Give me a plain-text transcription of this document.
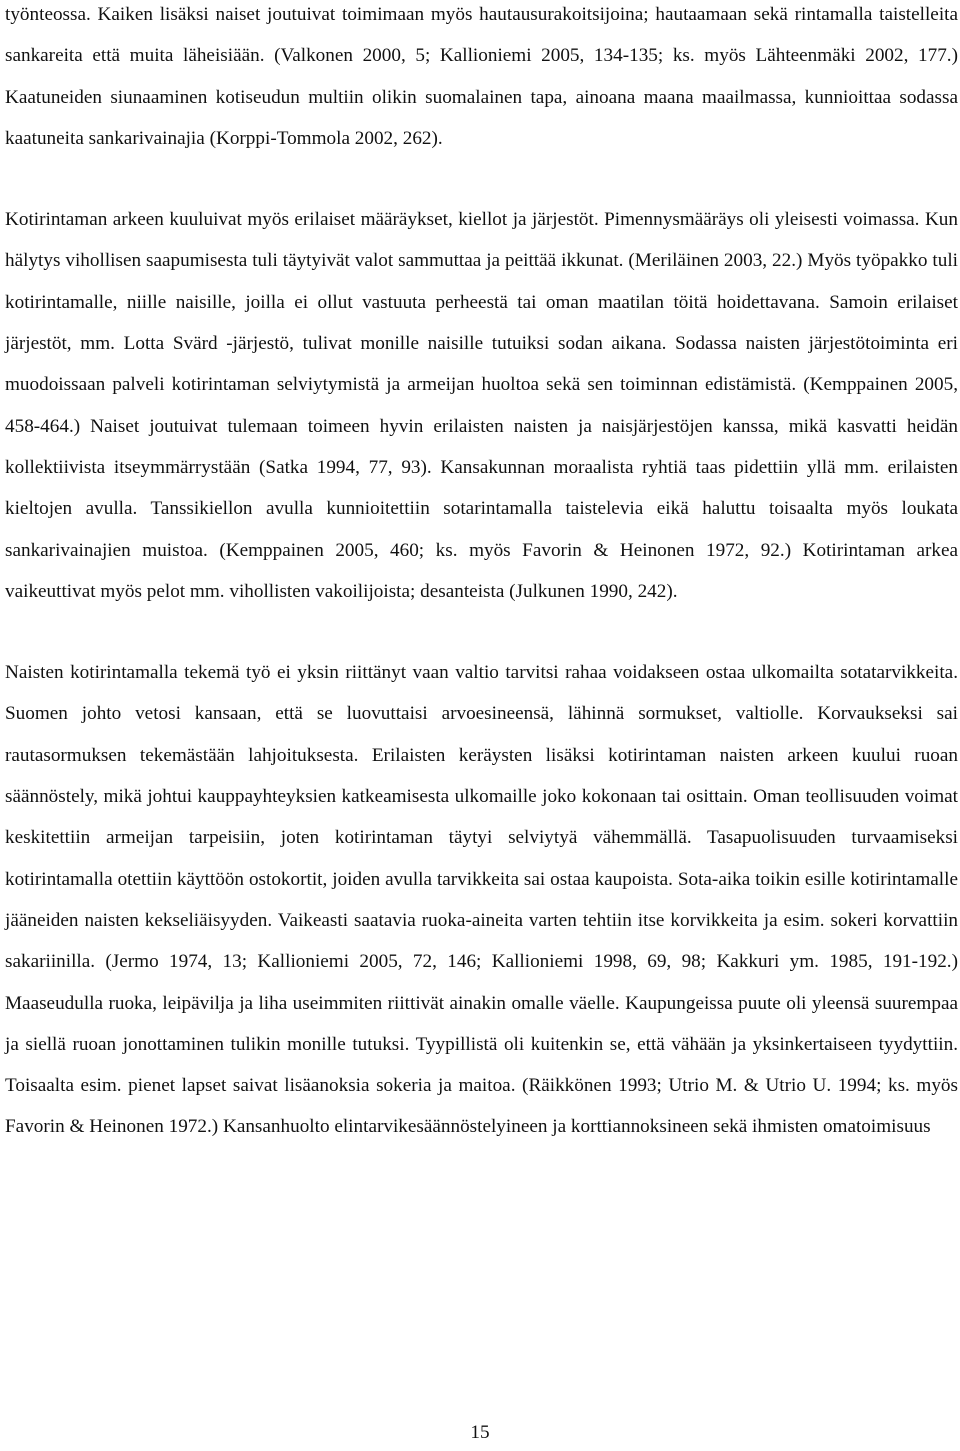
työnteossa. Kaiken lisäksi naiset joutuivat toimimaan myös hautausurakoitsijoina; hautaamaan sekä rintamalla taistelleita sankareita että muita läheisiään. (Valkonen 2000, 5; Kallioniemi 2005, 134-135; ks. myös Lähteenmäki 2002, 177.) Kaatuneiden siunaaminen kotiseudun multiin olikin suomalainen tapa, ainoana maana maailmassa, kunnioittaa sodassa kaatuneita sankarivainajia (Korppi-Tommola 2002, 262).

Kotirintaman arkeen kuuluivat myös erilaiset määräykset, kiellot ja järjestöt. Pimennysmääräys oli yleisesti voimassa. Kun hälytys vihollisen saapumisesta tuli täytyivät valot sammuttaa ja peittää ikkunat. (Meriläinen 2003, 22.) Myös työpakko tuli kotirintamalle, niille naisille, joilla ei ollut vastuuta perheestä tai oman maatilan töitä hoidettavana. Samoin erilaiset järjestöt, mm. Lotta Svärd -järjestö, tulivat monille naisille tutuiksi sodan aikana. Sodassa naisten järjestötoiminta eri muodoissaan palveli kotirintaman selviytymistä ja armeijan huoltoa sekä sen toiminnan edistämistä. (Kemppainen 2005, 458-464.) Naiset joutuivat tulemaan toimeen hyvin erilaisten naisten ja naisjärjestöjen kanssa, mikä kasvatti heidän kollektiivista itseymmärrystään (Satka 1994, 77, 93). Kansakunnan moraalista ryhtiä taas pidettiin yllä mm. erilaisten kieltojen avulla. Tanssikiellon avulla kunnioitettiin sotarintamalla taistelevia eikä haluttu toisaalta myös loukata sankarivainajien muistoa. (Kemppainen 2005, 460; ks. myös Favorin & Heinonen 1972, 92.) Kotirintaman arkea vaikeuttivat myös pelot mm. vihollisten vakoilijoista; desanteista (Julkunen 1990, 242).

Naisten kotirintamalla tekemä työ ei yksin riittänyt vaan valtio tarvitsi rahaa voidakseen ostaa ulkomailta sotatarvikkeita. Suomen johto vetosi kansaan, että se luovuttaisi arvoesineensä, lähinnä sormukset, valtiolle. Korvaukseksi sai rautasormuksen tekemästään lahjoituksesta. Erilaisten keräysten lisäksi kotirintaman naisten arkeen kuului ruoan säännöstely, mikä johtui kauppayhteyksien katkeamisesta ulkomaille joko kokonaan tai osittain. Oman teollisuuden voimat keskitettiin armeijan tarpeisiin, joten kotirintaman täytyi selviytyä vähemmällä. Tasapuolisuuden turvaamiseksi kotirintamalla otettiin käyttöön ostokortit, joiden avulla tarvikkeita sai ostaa kaupoista. Sota-aika toikin esille kotirintamalle jääneiden naisten kekseliäisyyden. Vaikeasti saatavia ruoka-aineita varten tehtiin itse korvikkeita ja esim. sokeri korvattiin sakariinilla. (Jermo 1974, 13; Kallioniemi 2005, 72, 146; Kallioniemi 1998, 69, 98; Kakkuri ym. 1985, 191-192.) Maaseudulla ruoka, leipävilja ja liha useimmiten riittivät ainakin omalle väelle. Kaupungeissa puute oli yleensä suurempaa ja siellä ruoan jonottaminen tulikin monille tutuksi. Tyypillistä oli kuitenkin se, että vähään ja yksinkertaiseen tyydyttiin. Toisaalta esim. pienet lapset saivat lisäanoksia sokeria ja maitoa. (Räikkönen 1993; Utrio M. & Utrio U. 1994; ks. myös Favorin & Heinonen 1972.) Kansanhuolto elintarvikesäännöstelyineen ja korttiannoksineen sekä ihmisten omatoimisuus

15
